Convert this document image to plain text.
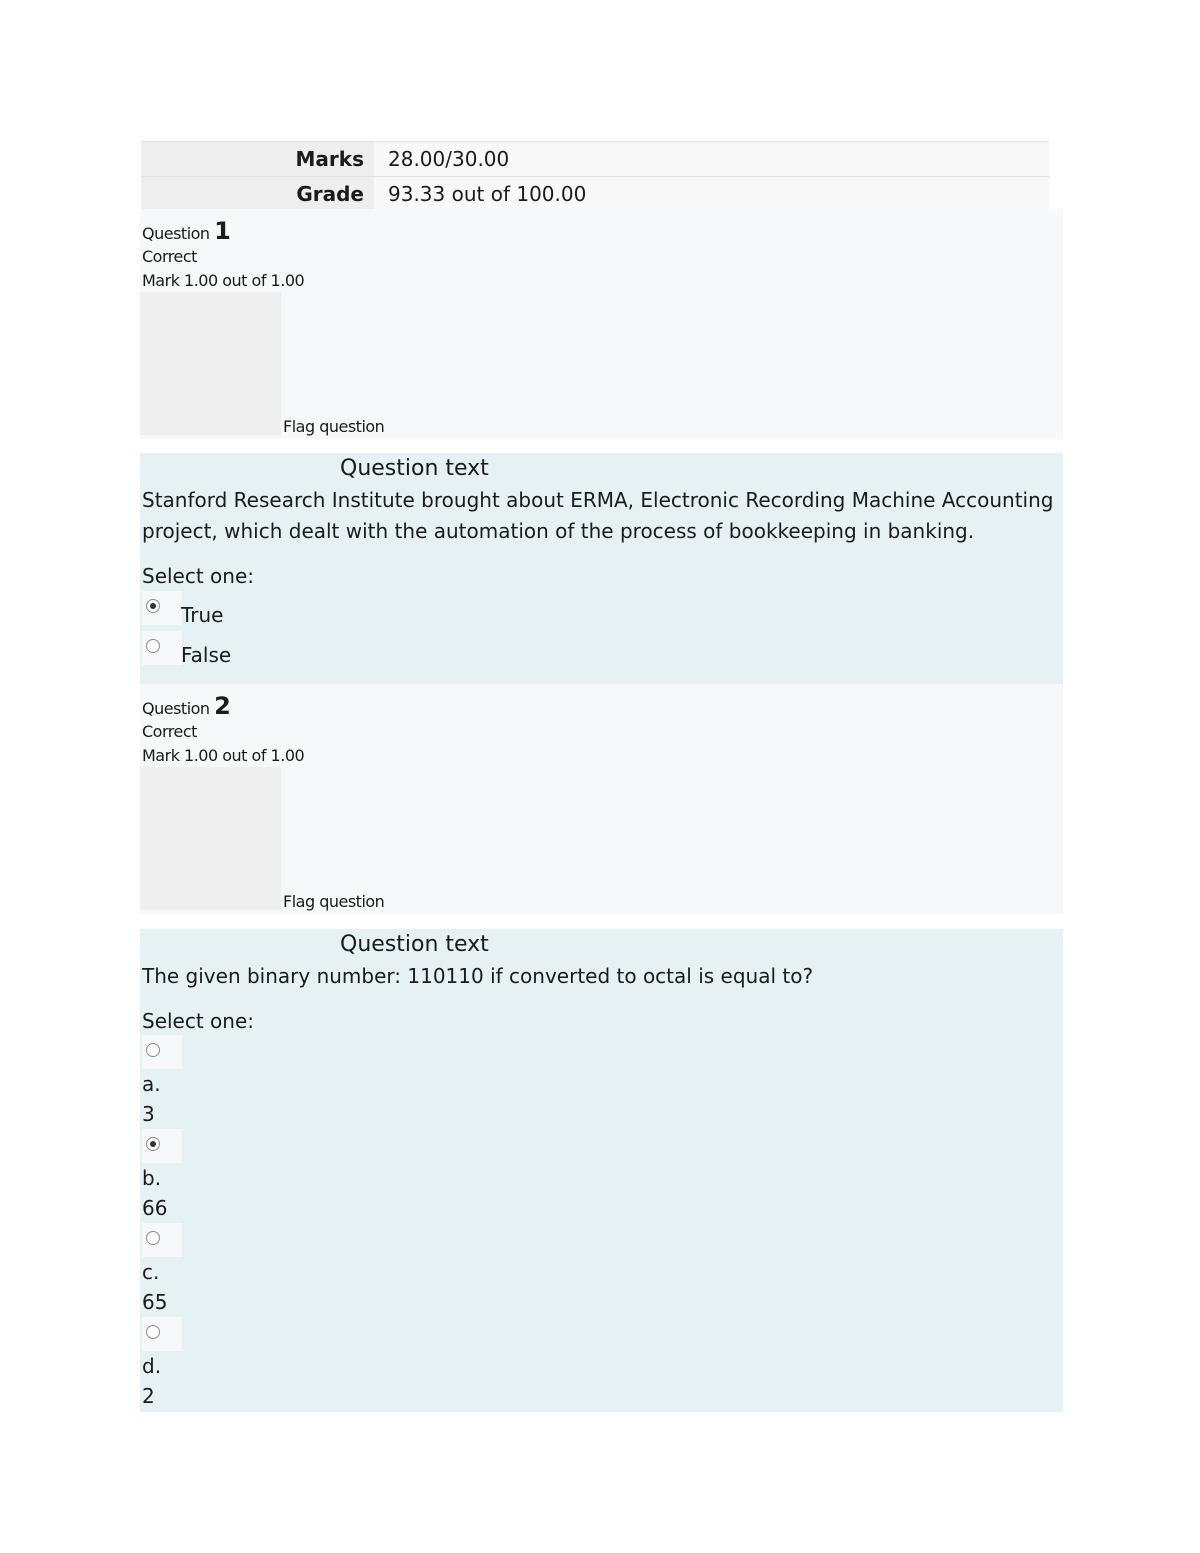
Marks	28.00/30.00
Grade	93.33 out of 100.00
Question 1
Correct
Mark 1.00 out of 1.00
Flag question
Question text
Stanford Research Institute brought about ERMA, Electronic Recording Machine Accounting project, which dealt with the automation of the process of bookkeeping in banking.
Select one:
True
False
Question 2
Correct
Mark 1.00 out of 1.00
Flag question
Question text
The given binary number: 110110 if converted to octal is equal to?
Select one:
a.
3
b.
66
c.
65
d.
2
